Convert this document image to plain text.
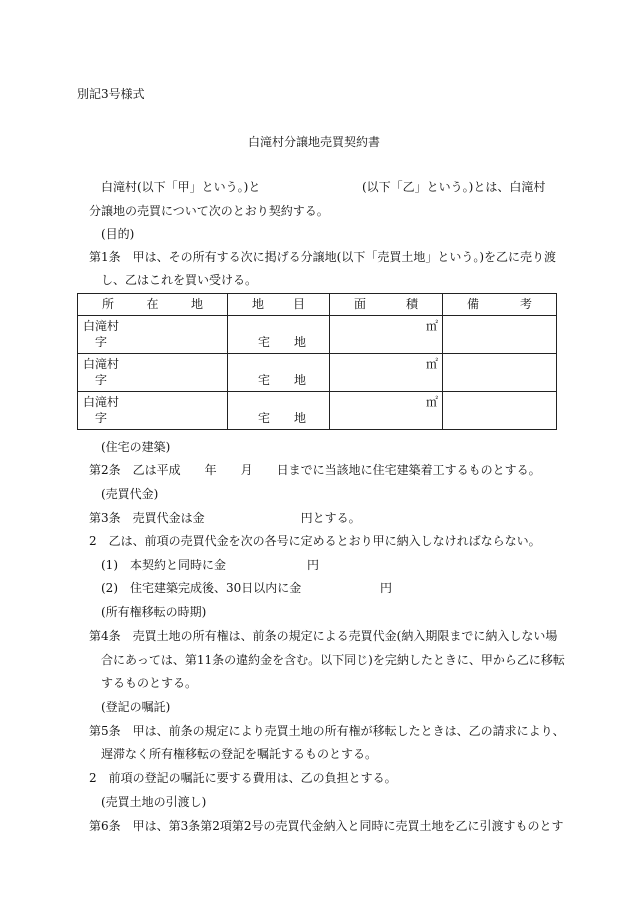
別記3号様式
白滝村分譲地売買契約書
白滝村(以下「甲」という。)と	(以下「乙」という。)とは、白滝村
分譲地の売買について次のとおり契約する。
(目的)
第1条　甲は、その所有する次に掲げる分譲地(以下「売買土地」という。)を乙に売り渡
し、乙はこれを買い受ける。
所 在 地	地 目	面 積	備 考

白滝村
字	宅　　地	㎡	

白滝村
字	宅　　地	㎡	

白滝村
字	宅　　地	㎡	

(住宅の建築)
第2条　乙は平成　　年　　月　　日までに当該地に住宅建築着工するものとする。
(売買代金)
第3条　売買代金は金　　　　　　　　円とする。
2　乙は、前項の売買代金を次の各号に定めるとおり甲に納入しなければならない。
(1) 本契約と同時に金	円
(2) 住宅建築完成後、30日以内に金	円
(所有権移転の時期)
第4条　売買土地の所有権は、前条の規定による売買代金(納入期限までに納入しない場
合にあっては、第11条の違約金を含む。以下同じ)を完納したときに、甲から乙に移転
するものとする。
(登記の嘱託)
第5条　甲は、前条の規定により売買土地の所有権が移転したときは、乙の請求により、
遅滞なく所有権移転の登記を嘱託するものとする。
2　前項の登記の嘱託に要する費用は、乙の負担とする。
(売買土地の引渡し)
第6条　甲は、第3条第2項第2号の売買代金納入と同時に売買土地を乙に引渡すものとす
